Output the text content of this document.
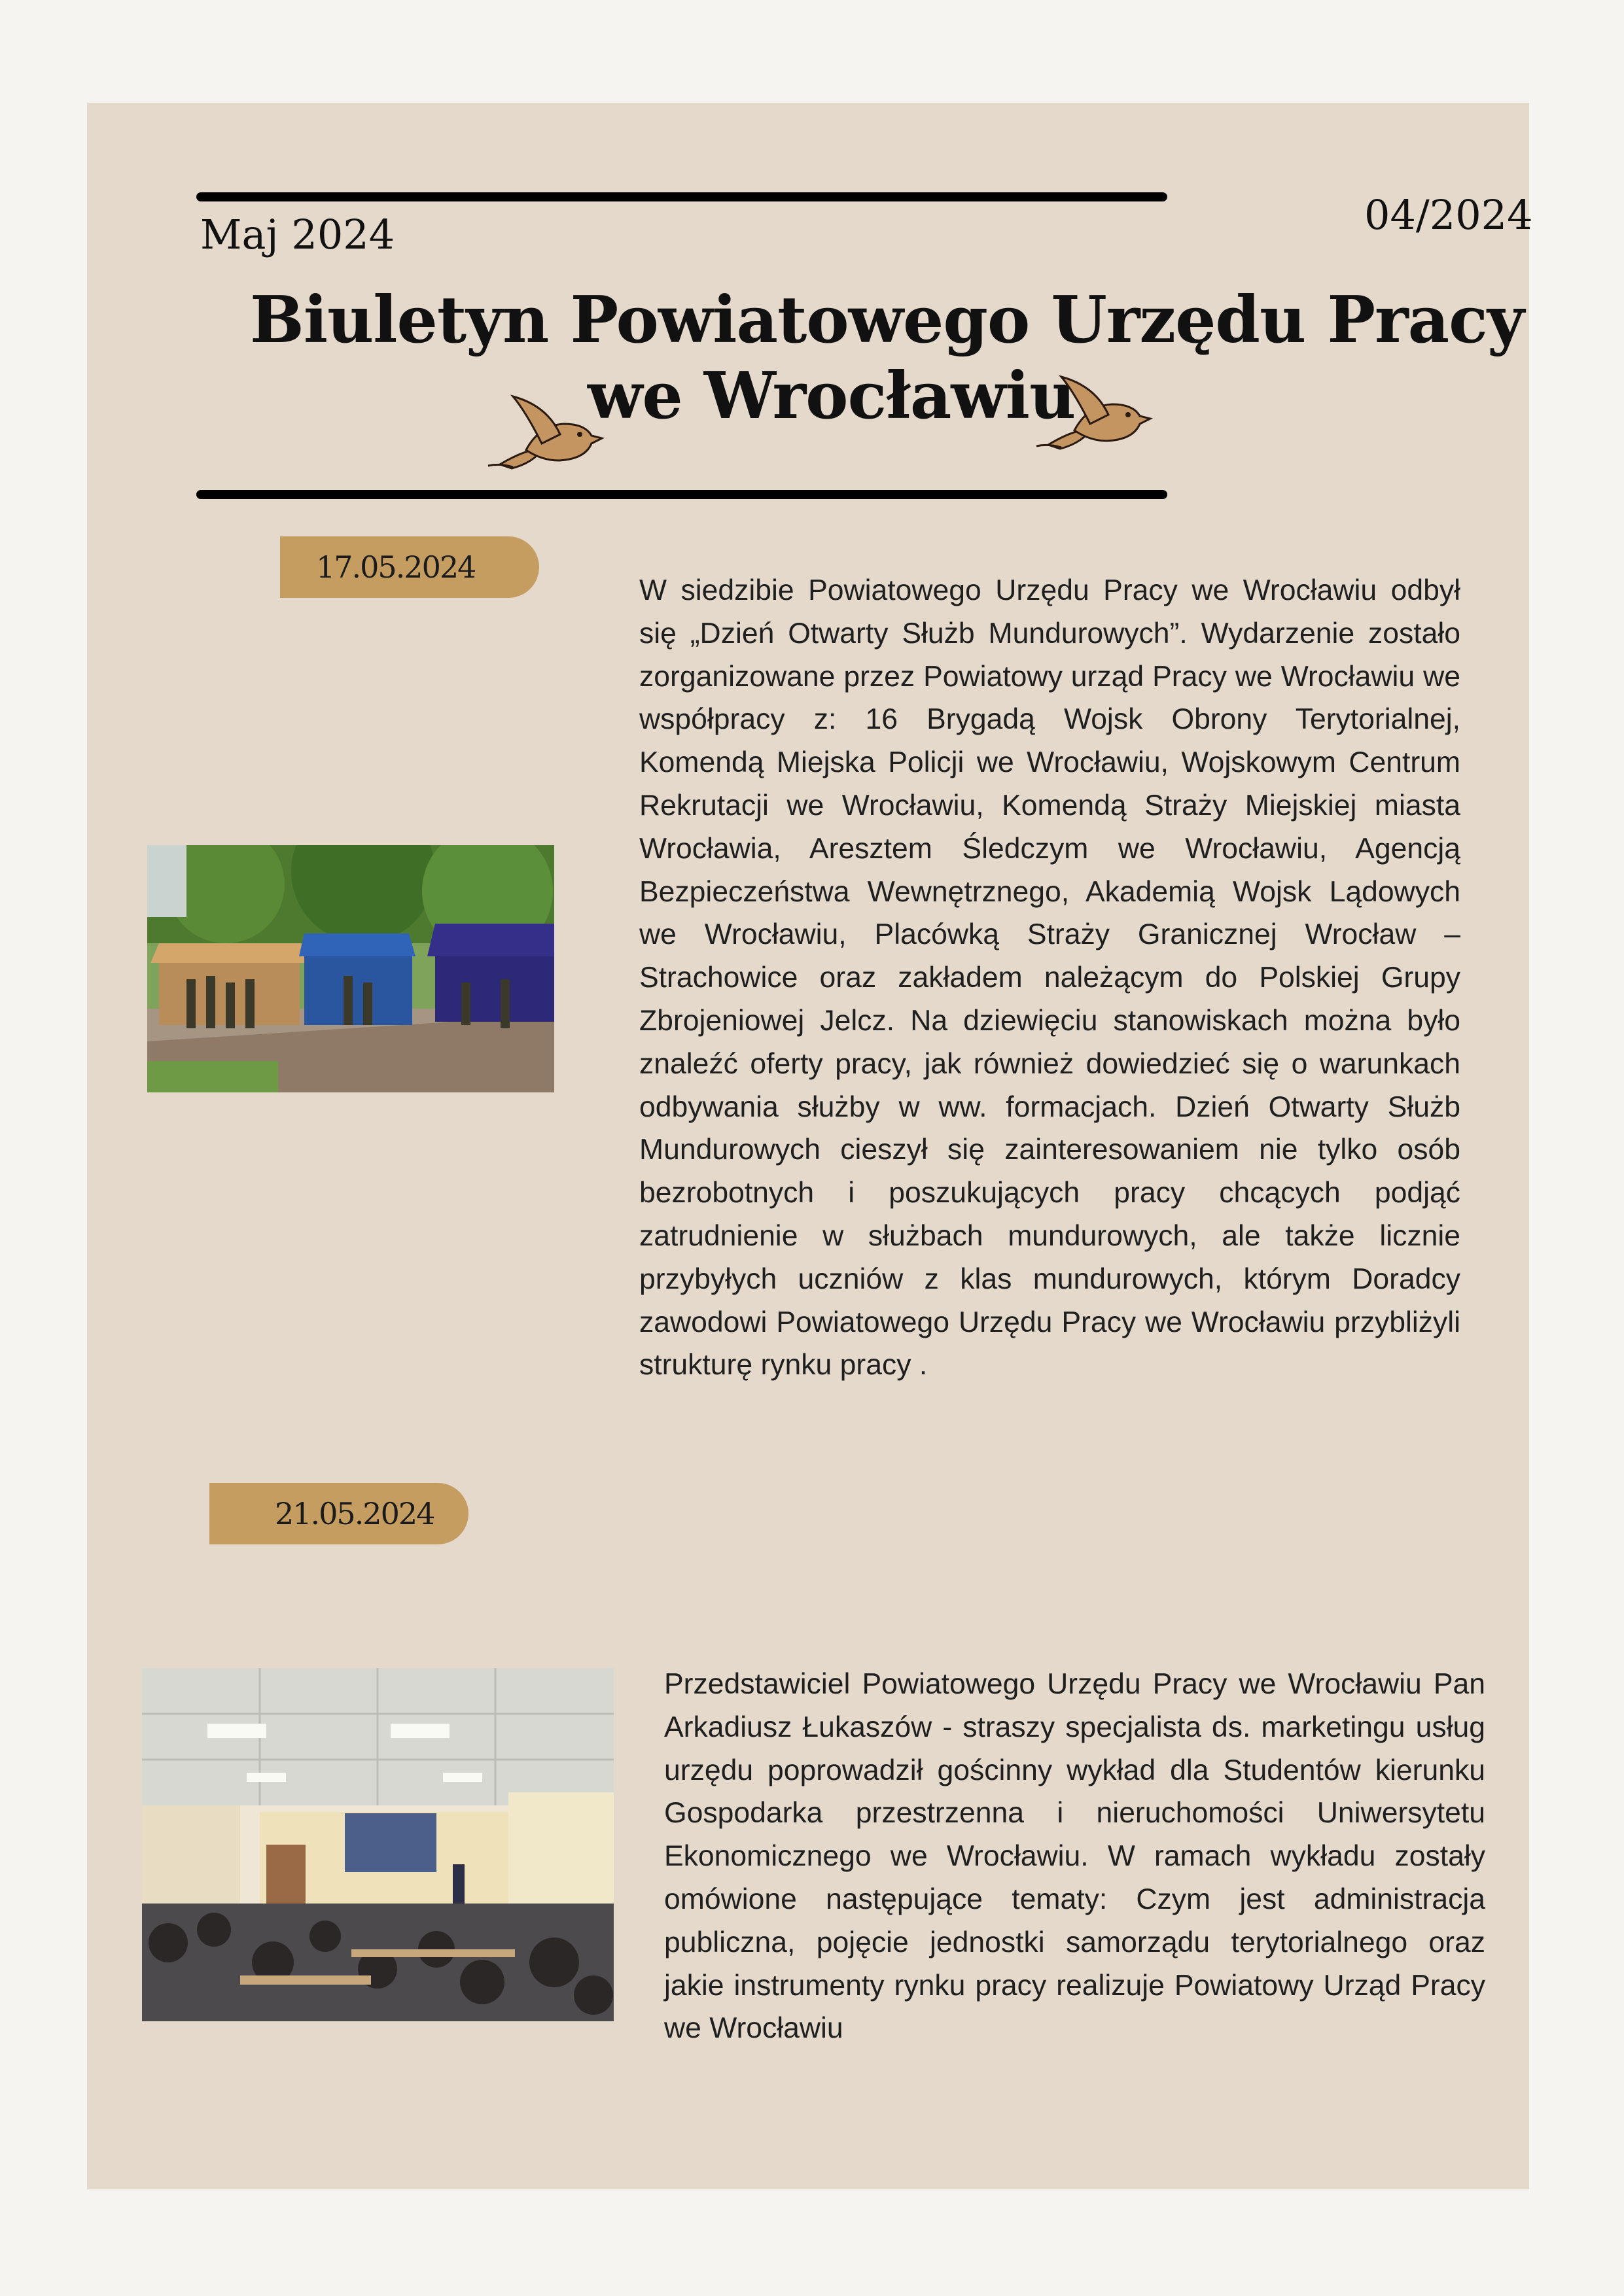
Maj 2024	04/2024
Biuletyn Powiatowego Urzędu Pracy
we Wrocławiu
17.05.2024

W siedzibie Powiatowego Urzędu Pracy we Wrocławiu odbył się „Dzień Otwarty Służb Mundurowych”. Wydarzenie zostało zorganizowane przez Powiatowy urząd Pracy we Wrocławiu we współpracy z: 16 Brygadą Wojsk Obrony Terytorialnej, Komendą Miejska Policji we Wrocławiu, Wojskowym Centrum Rekrutacji we Wrocławiu, Komendą Straży Miejskiej miasta Wrocławia, Aresztem Śledczym we Wrocławiu, Agencją Bezpieczeństwa Wewnętrznego, Akademią Wojsk Lądowych we Wrocławiu, Placówką Straży Granicznej Wrocław – Strachowice oraz zakładem należącym do Polskiej Grupy Zbrojeniowej Jelcz. Na dziewięciu stanowiskach można było znaleźć oferty pracy, jak również dowiedzieć się o warunkach odbywania służby w ww. formacjach. Dzień Otwarty Służb Mundurowych cieszył się zainteresowaniem nie tylko osób bezrobotnych i poszukujących pracy chcących podjąć zatrudnienie w służbach mundurowych, ale także licznie przybyłych uczniów z klas mundurowych, którym Doradcy zawodowi Powiatowego Urzędu Pracy we Wrocławiu przybliżyli strukturę rynku pracy .

21.05.2024

Przedstawiciel Powiatowego Urzędu Pracy we Wrocławiu Pan Arkadiusz Łukaszów - straszy specjalista ds. marketingu usług urzędu poprowadził gościnny wykład dla Studentów kierunku Gospodarka przestrzenna i nieruchomości Uniwersytetu Ekonomicznego we Wrocławiu. W ramach wykładu zostały omówione następujące tematy: Czym jest administracja publiczna, pojęcie jednostki samorządu terytorialnego oraz jakie instrumenty rynku pracy realizuje Powiatowy Urząd Pracy we Wrocławiu
